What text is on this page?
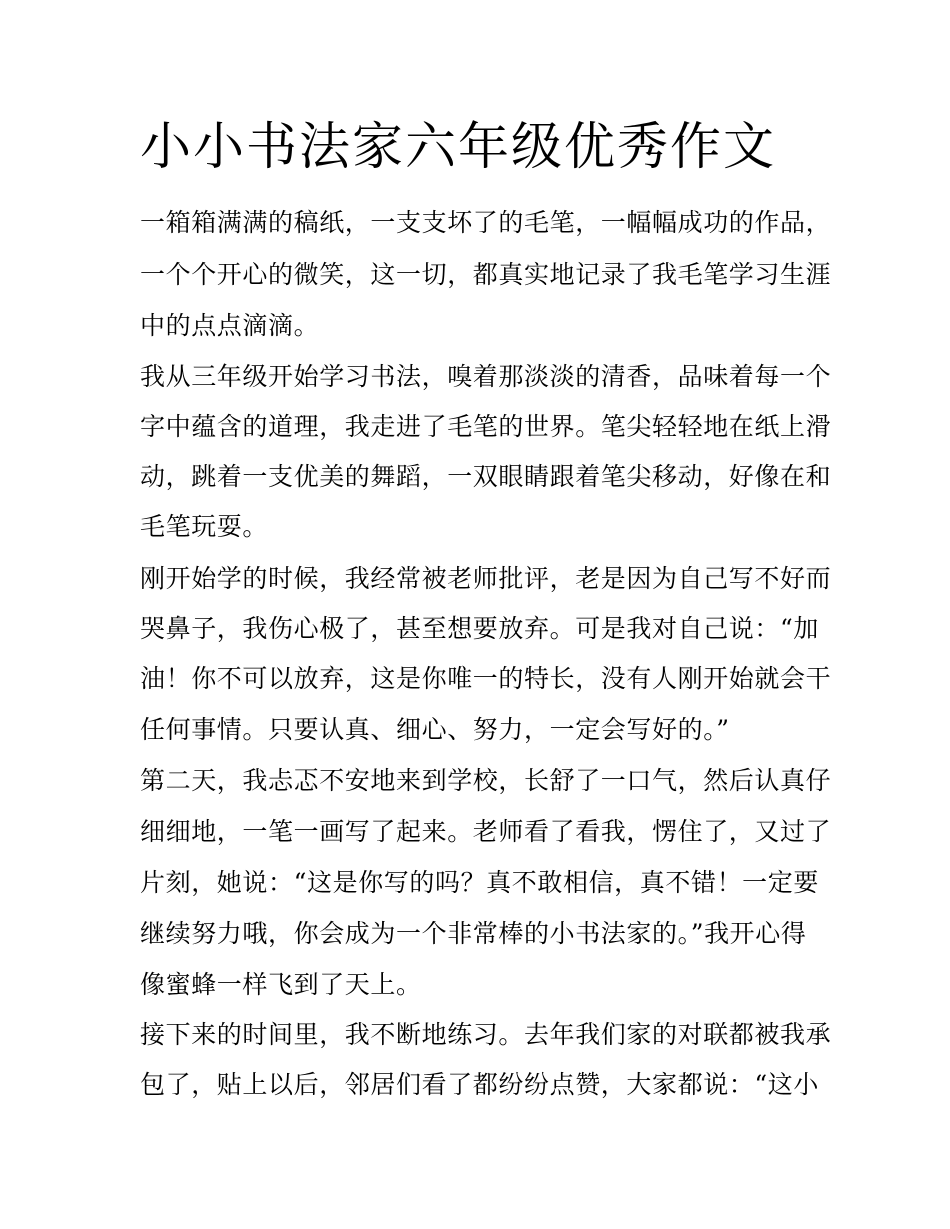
小小书法家六年级优秀作文

一箱箱满满的稿纸，一支支坏了的毛笔，一幅幅成功的作品，

一个个开心的微笑，这一切，都真实地记录了我毛笔学习生涯

中的点点滴滴。

我从三年级开始学习书法，嗅着那淡淡的清香，品味着每一个

字中蕴含的道理，我走进了毛笔的世界。笔尖轻轻地在纸上滑

动，跳着一支优美的舞蹈，一双眼睛跟着笔尖移动，好像在和

毛笔玩耍。

刚开始学的时候，我经常被老师批评，老是因为自己写不好而

哭鼻子，我伤心极了，甚至想要放弃。可是我对自己说：“加

油！你不可以放弃，这是你唯一的特长，没有人刚开始就会干

任何事情。只要认真、细心、努力，一定会写好的。”

第二天，我忐忑不安地来到学校，长舒了一口气，然后认真仔

细细地，一笔一画写了起来。老师看了看我，愣住了，又过了

片刻，她说：“这是你写的吗？真不敢相信，真不错！一定要

继续努力哦，你会成为一个非常棒的小书法家的。”我开心得

像蜜蜂一样飞到了天上。

接下来的时间里，我不断地练习。去年我们家的对联都被我承

包了，贴上以后，邻居们看了都纷纷点赞，大家都说：“这小
